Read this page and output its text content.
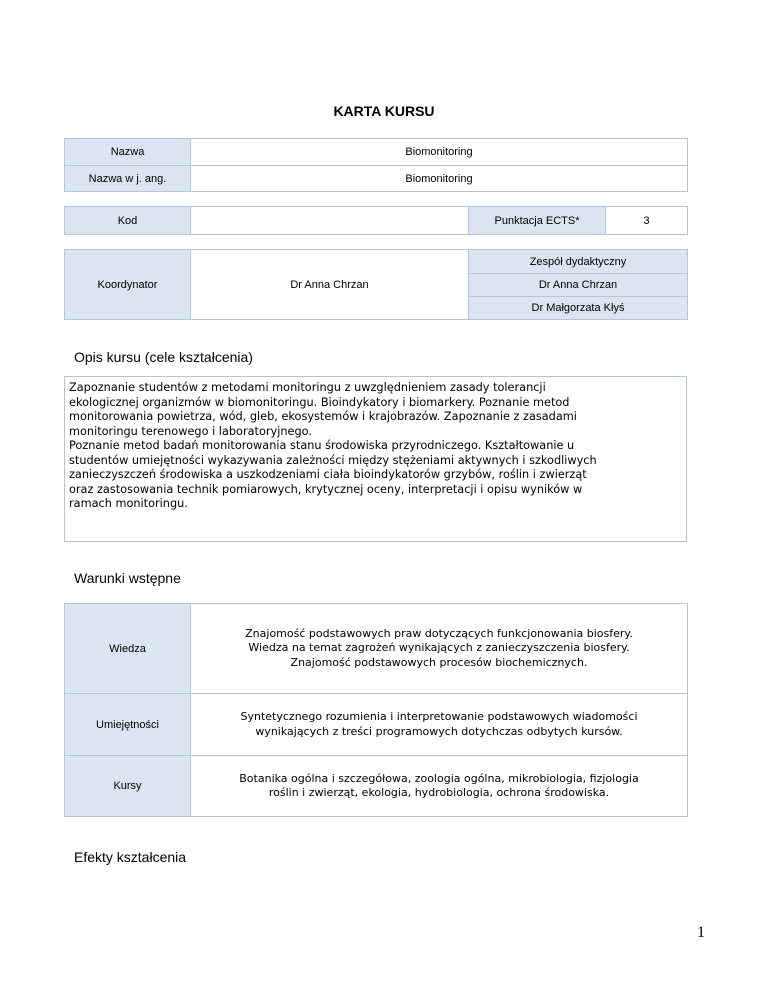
KARTA KURSU
Nazwa	Biomonitoring
Nazwa w j. ang.	Biomonitoring
Kod		Punktacja ECTS*	3
Koordynator	Dr Anna Chrzan	Zespół dydaktyczny
Dr Anna Chrzan
Dr Małgorzata Kłyś
Opis kursu (cele kształcenia)
Zapoznanie studentów z metodami monitoringu z uwzględnieniem zasady tolerancji
ekologicznej organizmów w biomonitoringu. Bioindykatory i biomarkery. Poznanie metod
monitorowania powietrza, wód, gleb, ekosystemów i krajobrazów. Zapoznanie z zasadami
monitoringu terenowego i laboratoryjnego.
Poznanie metod badań monitorowania stanu środowiska przyrodniczego. Kształtowanie u
studentów umiejętności wykazywania zależności między stężeniami aktywnych i szkodliwych
zanieczyszczeń środowiska a uszkodzeniami ciała bioindykatorów grzybów, roślin i zwierząt
oraz zastosowania technik pomiarowych, krytycznej oceny, interpretacji i opisu wyników w
ramach monitoringu.
Warunki wstępne
Wiedza	Znajomość podstawowych praw dotyczących funkcjonowania biosfery.
Wiedza na temat zagrożeń wynikających z zanieczyszczenia biosfery.
Znajomość podstawowych procesów biochemicznych.

Umiejętności	Syntetycznego rozumienia i interpretowanie podstawowych wiadomości
wynikających z treści programowych dotychczas odbytych kursów.

Kursy	Botanika ogólna i szczegółowa, zoologia ogólna, mikrobiologia, fizjologia
roślin i zwierząt, ekologia, hydrobiologia, ochrona środowiska.
Efekty kształcenia
1
